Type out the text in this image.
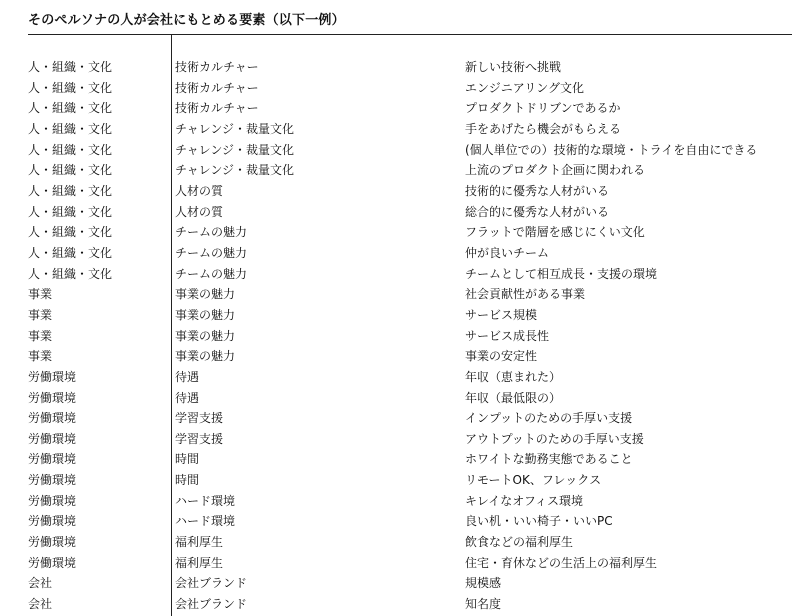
そのペルソナの人が会社にもとめる要素（以下一例）
人・組織・文化	技術カルチャー	新しい技術へ挑戦
人・組織・文化	技術カルチャー	エンジニアリング文化
人・組織・文化	技術カルチャー	プロダクトドリブンであるか
人・組織・文化	チャレンジ・裁量文化	手をあげたら機会がもらえる
人・組織・文化	チャレンジ・裁量文化	(個人単位での）技術的な環境・トライを自由にできる
人・組織・文化	チャレンジ・裁量文化	上流のプロダクト企画に関われる
人・組織・文化	人材の質	技術的に優秀な人材がいる
人・組織・文化	人材の質	総合的に優秀な人材がいる
人・組織・文化	チームの魅力	フラットで階層を感じにくい文化
人・組織・文化	チームの魅力	仲が良いチーム
人・組織・文化	チームの魅力	チームとして相互成長・支援の環境
事業	事業の魅力	社会貢献性がある事業
事業	事業の魅力	サービス規模
事業	事業の魅力	サービス成長性
事業	事業の魅力	事業の安定性
労働環境	待遇	年収（恵まれた）
労働環境	待遇	年収（最低限の）
労働環境	学習支援	インプットのための手厚い支援
労働環境	学習支援	アウトプットのための手厚い支援
労働環境	時間	ホワイトな勤務実態であること
労働環境	時間	リモートOK、フレックス
労働環境	ハード環境	キレイなオフィス環境
労働環境	ハード環境	良い机・いい椅子・いいPC
労働環境	福利厚生	飲食などの福利厚生
労働環境	福利厚生	住宅・育休などの生活上の福利厚生
会社	会社ブランド	規模感
会社	会社ブランド	知名度
